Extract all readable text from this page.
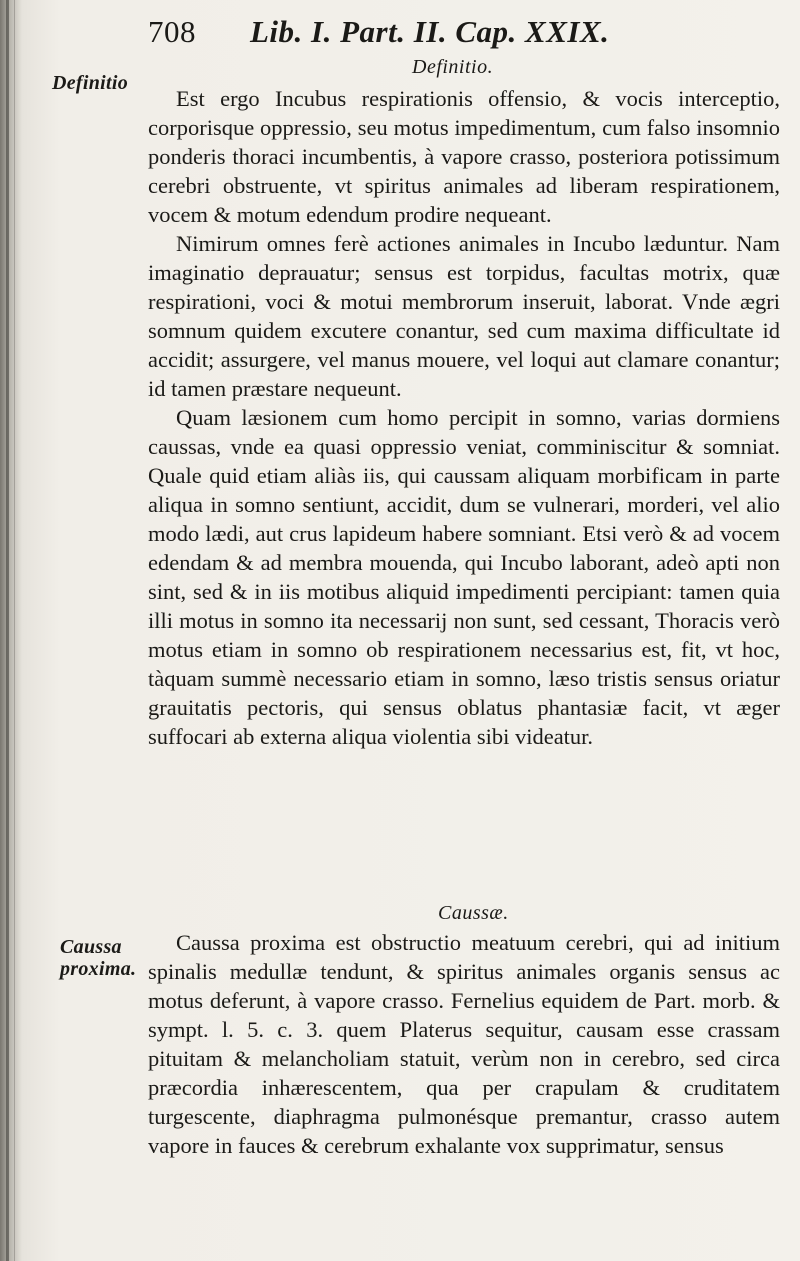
708 Lib. I. Part. II. Cap. XXIX.
Definitio.
Definitio

Est ergo Incubus respirationis offensio, & vocis interceptio, corporisque oppressio, seu motus impedimentum, cum falso insomnio ponderis thoraci incumbentis, à vapore crasso, posteriora potissimum cerebri obstruente, vt spiritus animales ad liberam respirationem, vocem & motum edendum prodire nequeant.

Nimirum omnes ferè actiones animales in Incubo læduntur. Nam imaginatio deprauatur; sensus est torpidus, facultas motrix, quæ respirationi, voci & motui membrorum inseruit, laborat. Vnde ægri somnum quidem excutere conantur, sed cum maxima difficultate id accidit; assurgere, vel manus mouere, vel loqui aut clamare conantur; id tamen præstare nequeunt.

Quam læsionem cum homo percipit in somno, varias dormiens caussas, vnde ea quasi oppressio veniat, comminiscitur & somniat. Quale quid etiam aliàs iis, qui caussam aliquam morbificam in parte aliqua in somno sentiunt, accidit, dum se vulnerari, morderi, vel alio modo lædi, aut crus lapideum habere somniant. Etsi verò & ad vocem edendam & ad membra mouenda, qui Incubo laborant, adeò apti non sint, sed & in iis motibus aliquid impedimenti percipiant: tamen quia illi motus in somno ita necessarij non sunt, sed cessant, Thoracis verò motus etiam in somno ob respirationem necessarius est, fit, vt hoc, tàquam summè necessario etiam in somno, læso tristis sensus oriatur grauitatis pectoris, qui sensus oblatus phantasiæ facit, vt æger suffocari ab externa aliqua violentia sibi videatur.

Caussæ.
Caussa
proxima.

Caussa proxima est obstructio meatuum cerebri, qui ad initium spinalis medullæ tendunt, & spiritus animales organis sensus ac motus deferunt, à vapore crasso. Fernelius equidem de Part. morb. & sympt. l. 5. c. 3. quem Platerus sequitur, causam esse crassam pituitam & melancholiam statuit, verùm non in cerebro, sed circa præcordia inhærescentem, qua per crapulam & cruditatem turgescente, diaphragma pulmonésque premantur, crasso autem vapore in fauces & cerebrum exhalante vox supprimatur, sensus
